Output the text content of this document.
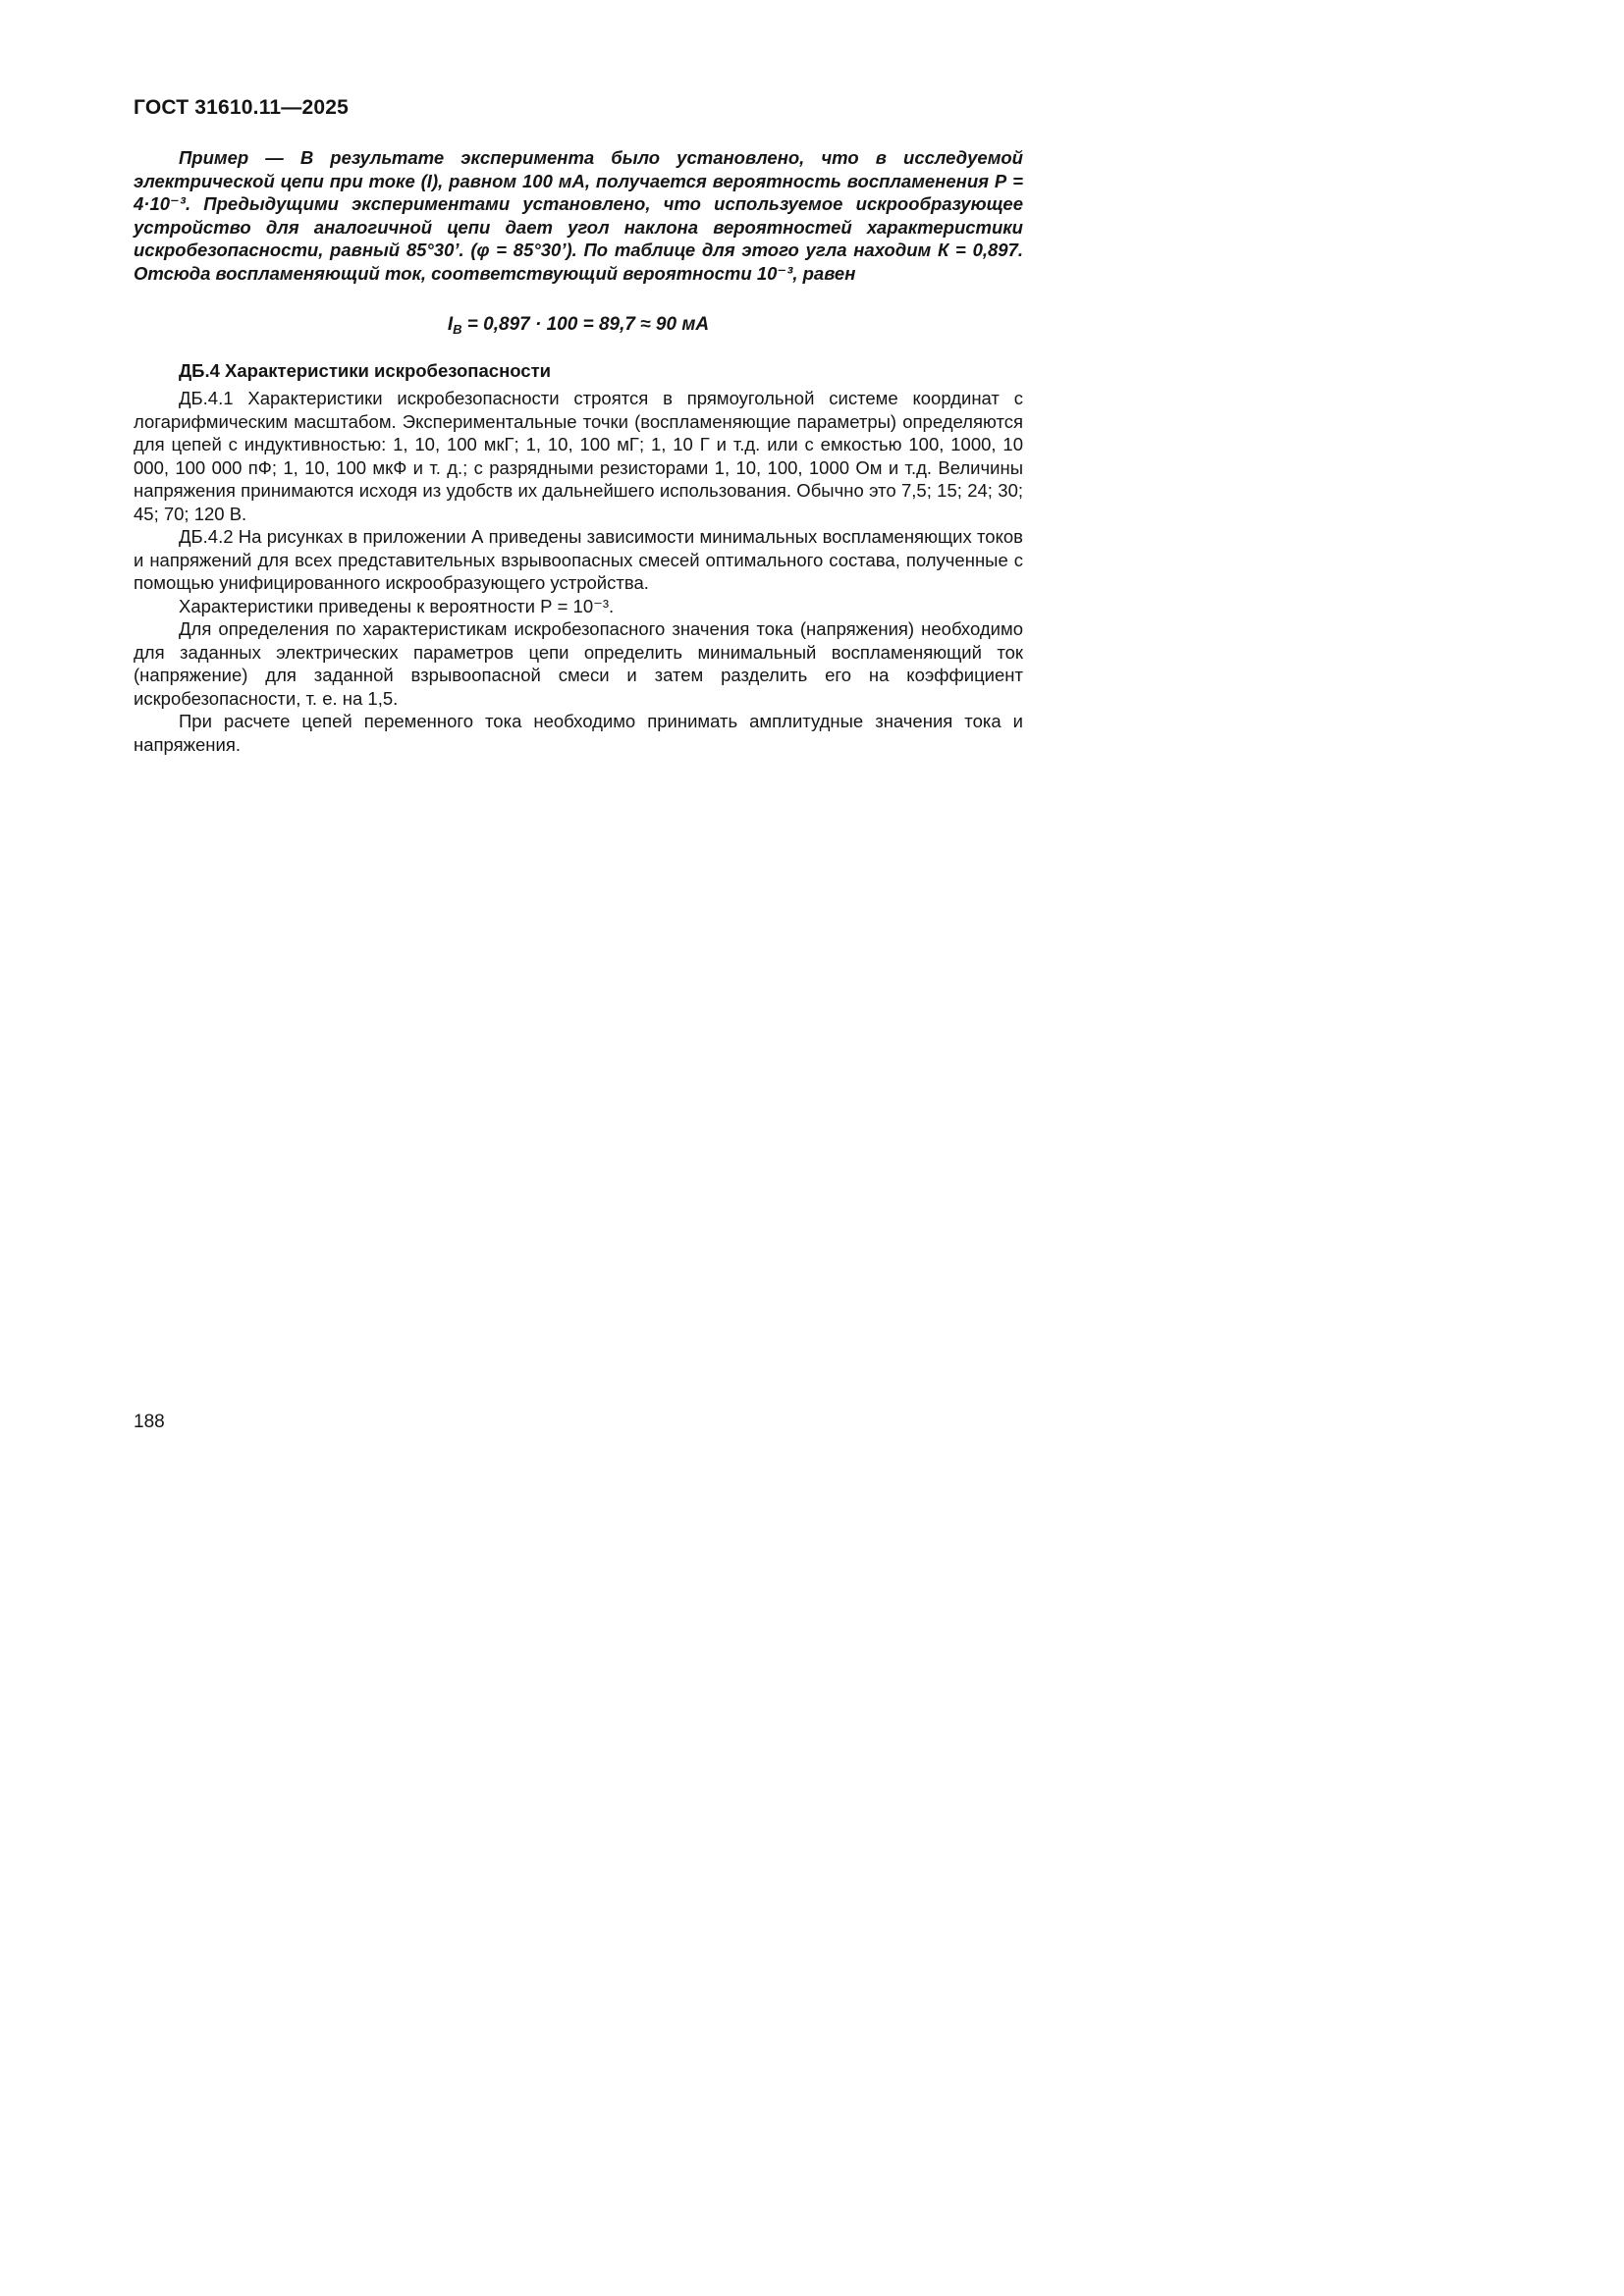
ГОСТ 31610.11—2025

Пример — В результате эксперимента было установлено, что в исследуемой электрической цепи при токе (I), равном 100 мА, получается вероятность воспламенения Р = 4·10⁻³. Предыдущими экспериментами установлено, что используемое искрообразующее устройство для аналогичной цепи дает угол наклона вероятностей характеристики искробезопасности, равный 85°30’. (φ = 85°30’). По таблице для этого угла находим К = 0,897. Отсюда воспламеняющий ток, соответствующий вероятности 10⁻³, равен

$I_В = 0,897 \cdot 100 = 89,7 \approx 90$ мА
ДБ.4 Характеристики искробезопасности

ДБ.4.1 Характеристики искробезопасности строятся в прямоугольной системе координат с логарифмическим масштабом. Экспериментальные точки (воспламеняющие параметры) определяются для цепей с индуктивностью: 1, 10, 100 мкГ; 1, 10, 100 мГ; 1, 10 Г и т.д. или с емкостью 100, 1000, 10 000, 100 000 пФ; 1, 10, 100 мкФ и т. д.; с разрядными резисторами 1, 10, 100, 1000 Ом и т.д. Величины напряжения принимаются исходя из удобств их дальнейшего использования. Обычно это 7,5; 15; 24; 30; 45; 70; 120 В.

ДБ.4.2 На рисунках в приложении А приведены зависимости минимальных воспламеняющих токов и напряжений для всех представительных взрывоопасных смесей оптимального состава, полученные с помощью унифицированного искрообразующего устройства.

Характеристики приведены к вероятности Р = 10⁻³.

Для определения по характеристикам искробезопасного значения тока (напряжения) необходимо для заданных электрических параметров цепи определить минимальный воспламеняющий ток (напряжение) для заданной взрывоопасной смеси и затем разделить его на коэффициент искробезопасности, т. е. на 1,5.

При расчете цепей переменного тока необходимо принимать амплитудные значения тока и напряжения.

188
